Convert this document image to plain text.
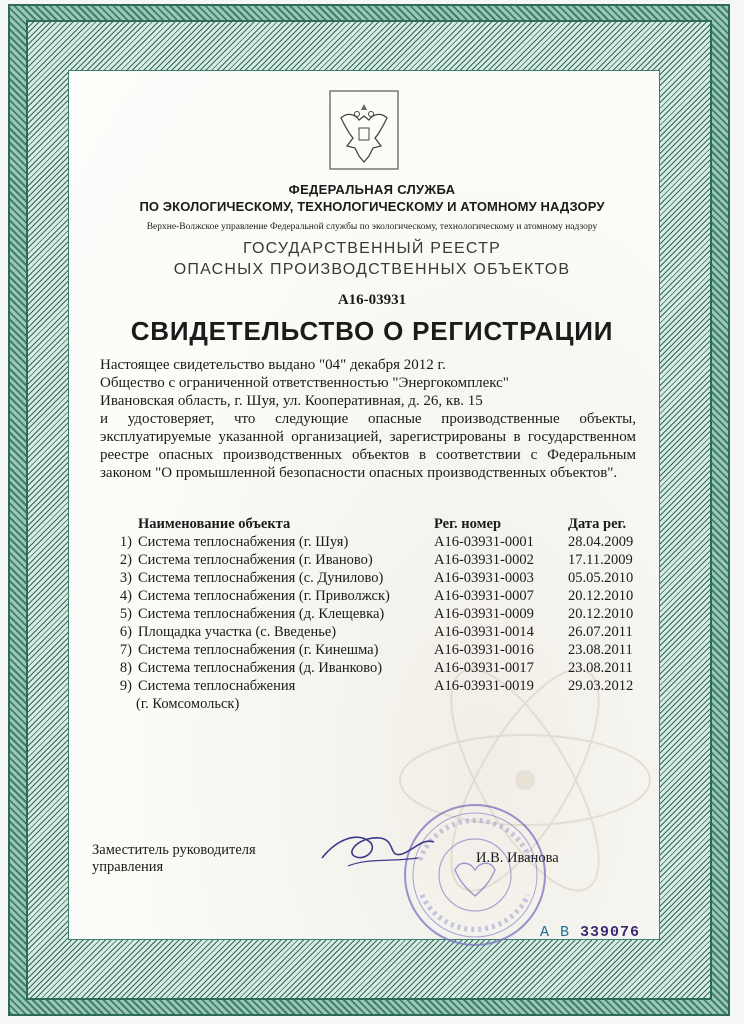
ФЕДЕРАЛЬНАЯ СЛУЖБА
ПО ЭКОЛОГИЧЕСКОМУ, ТЕХНОЛОГИЧЕСКОМУ И АТОМНОМУ НАДЗОРУ
Верхне-Волжское управление Федеральной службы по экологическому, технологическому и атомному надзору
ГОСУДАРСТВЕННЫЙ РЕЕСТР
ОПАСНЫХ ПРОИЗВОДСТВЕННЫХ ОБЪЕКТОВ
А16-03931
СВИДЕТЕЛЬСТВО О РЕГИСТРАЦИИ
Настоящее свидетельство выдано "04" декабря 2012 г.
Общество с ограниченной ответственностью "Энергокомплекс"
Ивановская область, г. Шуя, ул. Кооперативная, д. 26, кв. 15
и удостоверяет, что следующие опасные производственные объекты, эксплуатируемые указанной организацией, зарегистрированы в государственном реестре опасных производственных объектов в соответствии с Федеральным законом "О промышленной безопасности опасных производственных объектов".
Наименование объекта	Рег. номер	Дата рег.
1) Система теплоснабжения (г. Шуя)	А16-03931-0001 28.04.2009
2) Система теплоснабжения (г. Иваново)	А16-03931-0002 17.11.2009
3) Система теплоснабжения (с. Дунилово)	А16-03931-0003 05.05.2010
4) Система теплоснабжения (г. Приволжск)	А16-03931-0007 20.12.2010
5) Система теплоснабжения (д. Клещевка)	А16-03931-0009 20.12.2010
6) Площадка участка (с. Введенье)	А16-03931-0014 26.07.2011
7) Система теплоснабжения (г. Кинешма)	А16-03931-0016 23.08.2011
8) Система теплоснабжения (д. Иванково)	А16-03931-0017 23.08.2011
9) Система теплоснабжения	А16-03931-0019 29.03.2012
(г. Комсомольск)
Заместитель руководителя
управления
И.В. Иванова
А В 339076
